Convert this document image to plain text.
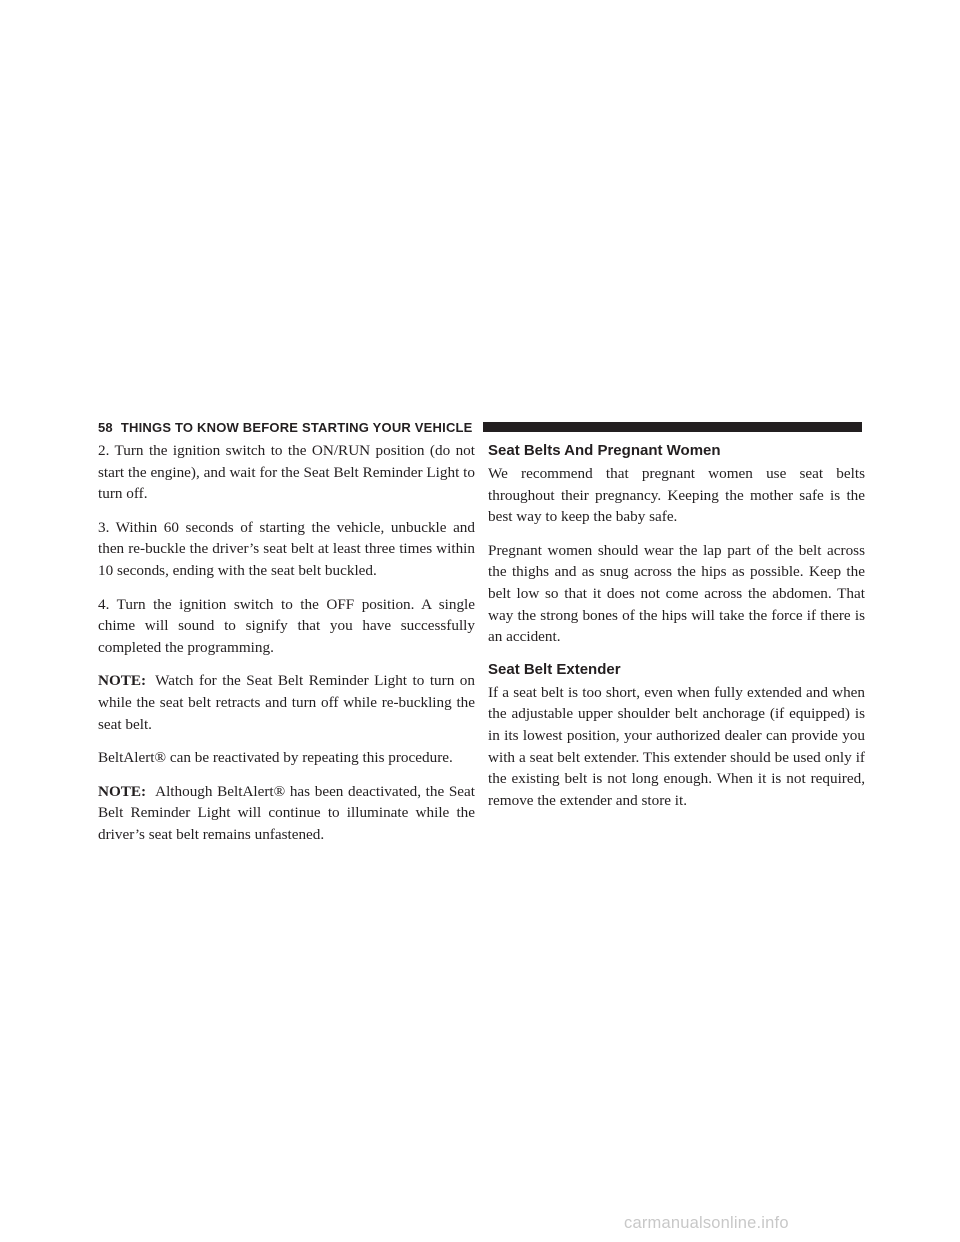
58 THINGS TO KNOW BEFORE STARTING YOUR VEHICLE

2. Turn the ignition switch to the ON/RUN position (do not start the engine), and wait for the Seat Belt Reminder Light to turn off.

3. Within 60 seconds of starting the vehicle, unbuckle and then re-buckle the driver’s seat belt at least three times within 10 seconds, ending with the seat belt buckled.

4. Turn the ignition switch to the OFF position. A single chime will sound to signify that you have successfully completed the programming.

NOTE: Watch for the Seat Belt Reminder Light to turn on while the seat belt retracts and turn off while re-buckling the seat belt.

BeltAlert® can be reactivated by repeating this procedure.

NOTE: Although BeltAlert® has been deactivated, the Seat Belt Reminder Light will continue to illuminate while the driver’s seat belt remains unfastened.

Seat Belts And Pregnant Women

We recommend that pregnant women use seat belts throughout their pregnancy. Keeping the mother safe is the best way to keep the baby safe.

Pregnant women should wear the lap part of the belt across the thighs and as snug across the hips as possible. Keep the belt low so that it does not come across the abdomen. That way the strong bones of the hips will take the force if there is an accident.

Seat Belt Extender

If a seat belt is too short, even when fully extended and when the adjustable upper shoulder belt anchorage (if equipped) is in its lowest position, your authorized dealer can provide you with a seat belt extender. This extender should be used only if the existing belt is not long enough. When it is not required, remove the extender and store it.

carmanualsonline.info
